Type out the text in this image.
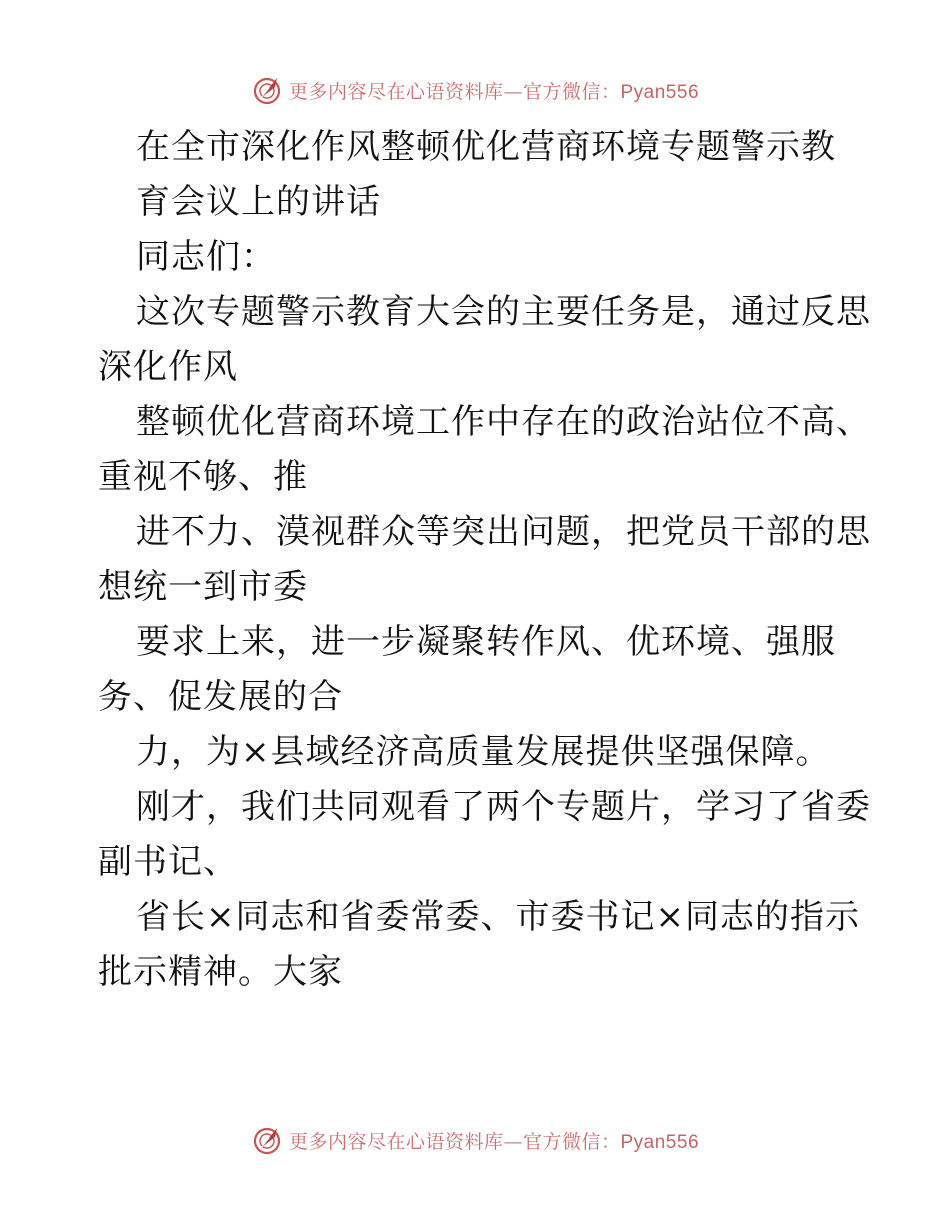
更多内容尽在心语资料库—官方微信：Pyan556
在全市深化作风整顿优化营商环境专题警示教
育会议上的讲话
同志们：
这次专题警示教育大会的主要任务是，通过反思
深化作风
整顿优化营商环境工作中存在的政治站位不高、
重视不够、推
进不力、漠视群众等突出问题，把党员干部的思
想统一到市委
要求上来，进一步凝聚转作风、优环境、强服
务、促发展的合
力，为×县域经济高质量发展提供坚强保障。
刚才，我们共同观看了两个专题片，学习了省委
副书记、
省长×同志和省委常委、市委书记×同志的指示
批示精神。大家
更多内容尽在心语资料库—官方微信：Pyan556
